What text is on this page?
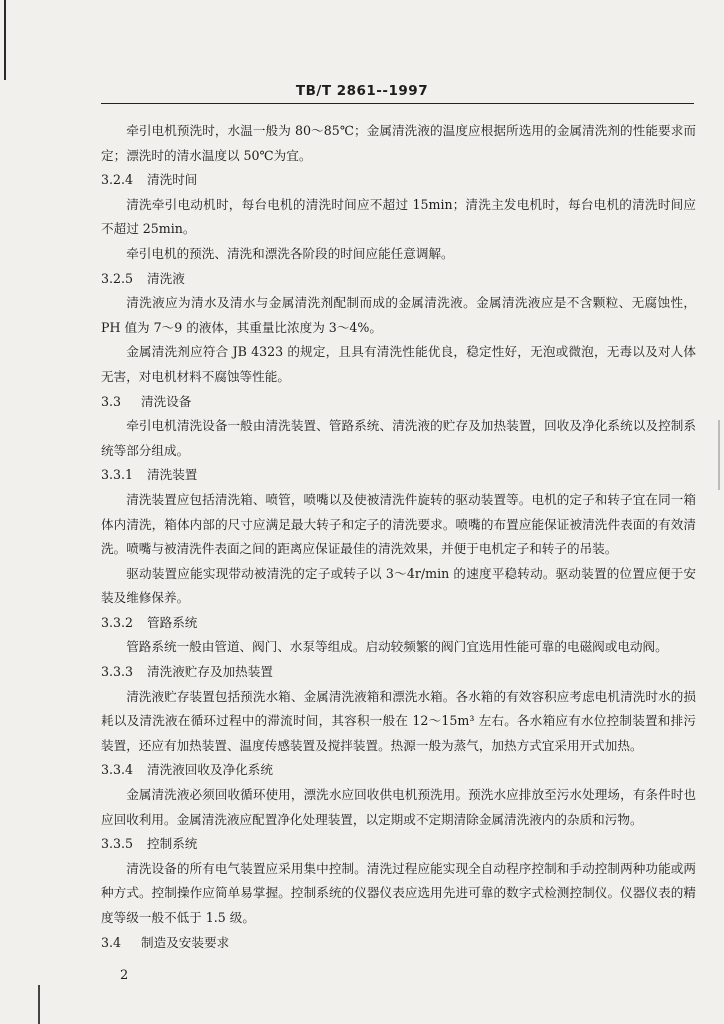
TB/T 2861--1997

牵引电机预洗时，水温一般为 80～85℃；金属清洗液的温度应根据所选用的金属清洗剂的性能要求而定；漂洗时的清水温度以 50℃为宜。

3.2.4 清洗时间

清洗牵引电动机时，每台电机的清洗时间应不超过 15min；清洗主发电机时，每台电机的清洗时间应不超过 25min。

牵引电机的预洗、清洗和漂洗各阶段的时间应能任意调解。

3.2.5 清洗液

清洗液应为清水及清水与金属清洗剂配制而成的金属清洗液。金属清洗液应是不含颗粒、无腐蚀性，PH 值为 7～9 的液体，其重量比浓度为 3～4%。

金属清洗剂应符合 JB 4323 的规定，且具有清洗性能优良，稳定性好，无泡或微泡，无毒以及对人体无害，对电机材料不腐蚀等性能。

3.3 清洗设备

牵引电机清洗设备一般由清洗装置、管路系统、清洗液的贮存及加热装置，回收及净化系统以及控制系统等部分组成。

3.3.1 清洗装置

清洗装置应包括清洗箱、喷管，喷嘴以及使被清洗件旋转的驱动装置等。电机的定子和转子宜在同一箱体内清洗，箱体内部的尺寸应满足最大转子和定子的清洗要求。喷嘴的布置应能保证被清洗件表面的有效清洗。喷嘴与被清洗件表面之间的距离应保证最佳的清洗效果，并便于电机定子和转子的吊装。

驱动装置应能实现带动被清洗的定子或转子以 3～4r/min 的速度平稳转动。驱动装置的位置应便于安装及维修保养。

3.3.2 管路系统

管路系统一般由管道、阀门、水泵等组成。启动较频繁的阀门宜选用性能可靠的电磁阀或电动阀。

3.3.3 清洗液贮存及加热装置

清洗液贮存装置包括预洗水箱、金属清洗液箱和漂洗水箱。各水箱的有效容积应考虑电机清洗时水的损耗以及清洗液在循环过程中的滞流时间，其容积一般在 12～15m³ 左右。各水箱应有水位控制装置和排污装置，还应有加热装置、温度传感装置及搅拌装置。热源一般为蒸气，加热方式宜采用开式加热。

3.3.4 清洗液回收及净化系统

金属清洗液必须回收循环使用，漂洗水应回收供电机预洗用。预洗水应排放至污水处理场，有条件时也应回收利用。金属清洗液应配置净化处理装置，以定期或不定期清除金属清洗液内的杂质和污物。

3.3.5 控制系统

清洗设备的所有电气装置应采用集中控制。清洗过程应能实现全自动程序控制和手动控制两种功能或两种方式。控制操作应简单易掌握。控制系统的仪器仪表应选用先进可靠的数字式检测控制仪。仪器仪表的精度等级一般不低于 1.5 级。

3.4 制造及安装要求

2
